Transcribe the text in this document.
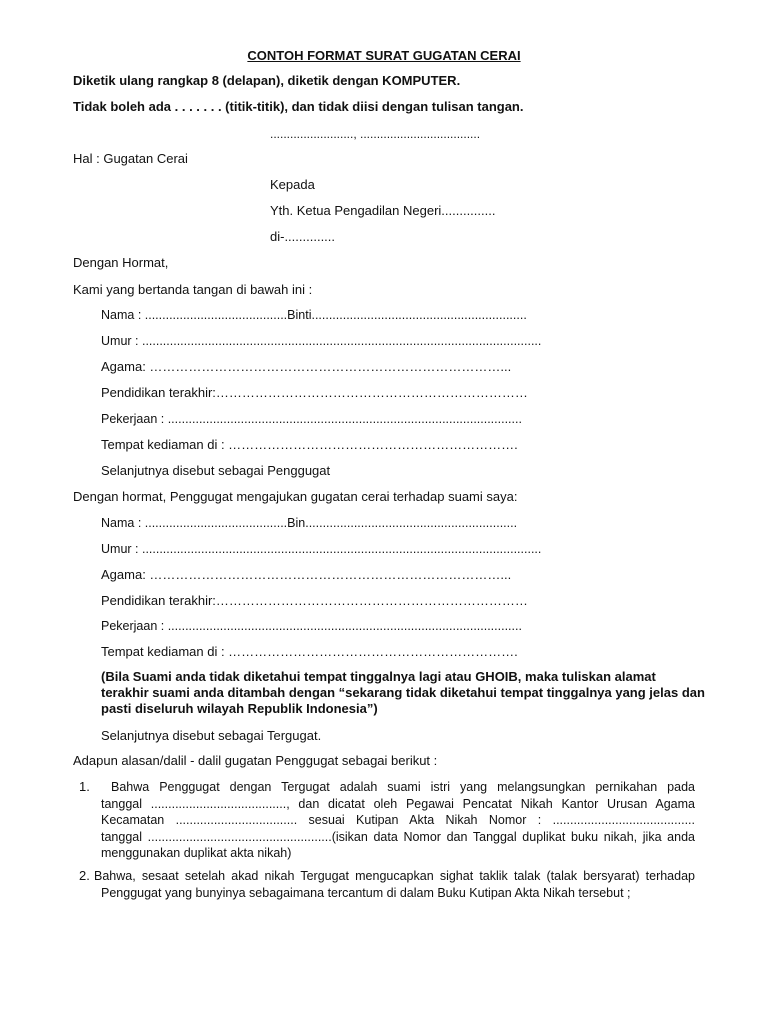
CONTOH FORMAT SURAT GUGATAN CERAI
Diketik ulang rangkap 8 (delapan), diketik dengan KOMPUTER.
Tidak boleh ada . . . . . . . (titik-titik), dan tidak diisi dengan tulisan tangan.
........................., ....................................
Hal : Gugatan Cerai
Kepada
Yth. Ketua Pengadilan Negeri...............
di-..............
Dengan Hormat,
Kami yang bertanda tangan di bawah ini :
Nama : .........................................Binti..............................................................
Umur : ...................................................................................................................
Agama: ………………………………………………………………………...
Pendidikan terakhir:………………………………………………………………
Pekerjaan : ......................................................................................................
Tempat kediaman di : ………………………………………………………….
Selanjutnya disebut sebagai Penggugat
Dengan hormat, Penggugat mengajukan gugatan cerai terhadap suami saya:
Nama : .........................................Bin.............................................................
Umur : ...................................................................................................................
Agama: ………………………………………………………………………...
Pendidikan terakhir:………………………………………………………………
Pekerjaan : ......................................................................................................
Tempat kediaman di : ………………………………………………………….
(Bila Suami anda tidak diketahui tempat tinggalnya lagi atau GHOIB, maka tuliskan alamat
terakhir suami anda ditambah dengan “sekarang tidak diketahui tempat tinggalnya yang jelas dan
pasti diseluruh wilayah Republik Indonesia”)
Selanjutnya disebut sebagai Tergugat.
Adapun alasan/dalil - dalil gugatan Penggugat sebagai berikut :
1.	Bahwa Penggugat dengan Tergugat adalah suami istri yang melangsungkan pernikahan pada
tanggal ......................................., dan dicatat oleh Pegawai Pencatat Nikah Kantor Urusan Agama
Kecamatan ................................... sesuai Kutipan Akta Nikah Nomor : .........................................
tanggal .....................................................(isikan data Nomor dan Tanggal duplikat buku nikah, jika anda
menggunakan duplikat akta nikah)
2. Bahwa, sesaat setelah akad nikah Tergugat mengucapkan sighat taklik talak (talak bersyarat) terhadap
Penggugat yang bunyinya sebagaimana tercantum di dalam Buku Kutipan Akta Nikah tersebut ;
